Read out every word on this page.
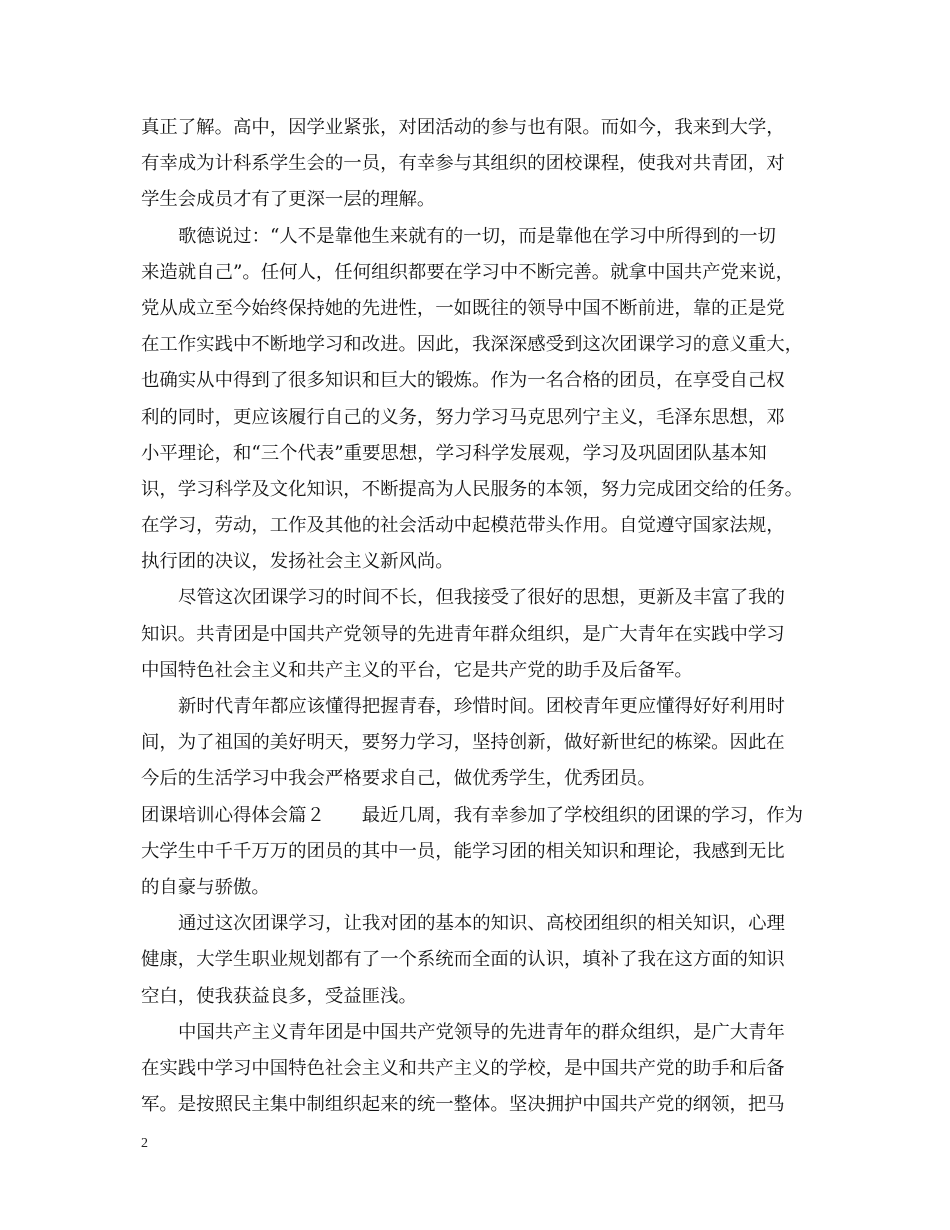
真正了解。高中，因学业紧张，对团活动的参与也有限。而如今，我来到大学，
有幸成为计科系学生会的一员，有幸参与其组织的团校课程，使我对共青团，对
学生会成员才有了更深一层的理解。
歌德说过：“人不是靠他生来就有的一切，而是靠他在学习中所得到的一切
来造就自己”。任何人，任何组织都要在学习中不断完善。就拿中国共产党来说，
党从成立至今始终保持她的先进性，一如既往的领导中国不断前进，靠的正是党
在工作实践中不断地学习和改进。因此，我深深感受到这次团课学习的意义重大，
也确实从中得到了很多知识和巨大的锻炼。作为一名合格的团员，在享受自己权
利的同时，更应该履行自己的义务，努力学习马克思列宁主义，毛泽东思想，邓
小平理论，和“三个代表”重要思想，学习科学发展观，学习及巩固团队基本知
识，学习科学及文化知识，不断提高为人民服务的本领，努力完成团交给的任务。
在学习，劳动，工作及其他的社会活动中起模范带头作用。自觉遵守国家法规，
执行团的决议，发扬社会主义新风尚。
尽管这次团课学习的时间不长，但我接受了很好的思想，更新及丰富了我的
知识。共青团是中国共产党领导的先进青年群众组织，是广大青年在实践中学习
中国特色社会主义和共产主义的平台，它是共产党的助手及后备军。
新时代青年都应该懂得把握青春，珍惜时间。团校青年更应懂得好好利用时
间，为了祖国的美好明天，要努力学习，坚持创新，做好新世纪的栋梁。因此在
今后的生活学习中我会严格要求自己，做优秀学生，优秀团员。
团课培训心得体会篇２　　最近几周，我有幸参加了学校组织的团课的学习，作为
大学生中千千万万的团员的其中一员，能学习团的相关知识和理论，我感到无比
的自豪与骄傲。
通过这次团课学习，让我对团的基本的知识、高校团组织的相关知识，心理
健康，大学生职业规划都有了一个系统而全面的认识，填补了我在这方面的知识
空白，使我获益良多，受益匪浅。
中国共产主义青年团是中国共产党领导的先进青年的群众组织，是广大青年
在实践中学习中国特色社会主义和共产主义的学校，是中国共产党的助手和后备
军。是按照民主集中制组织起来的统一整体。坚决拥护中国共产党的纲领，把马
2
